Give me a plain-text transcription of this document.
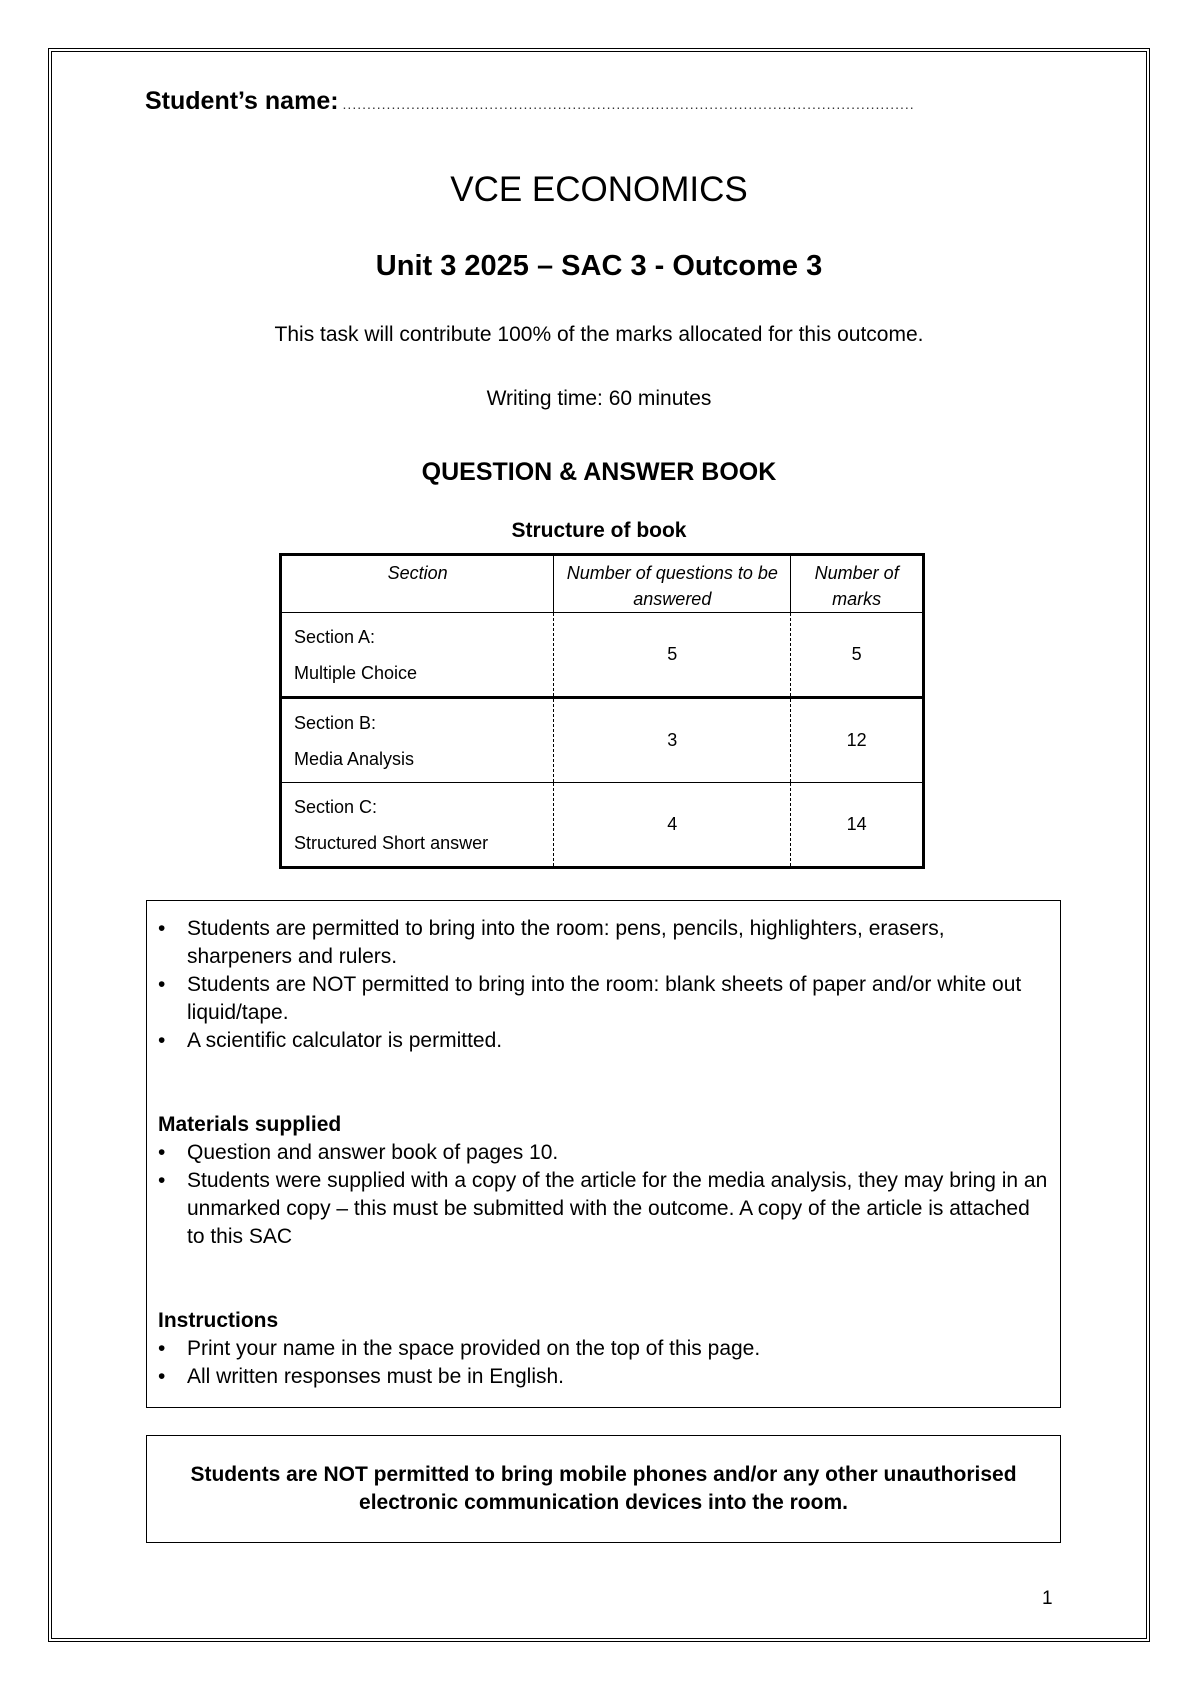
Student’s name: .....................................................................................................................
VCE ECONOMICS
Unit 3 2025 – SAC 3 - Outcome 3
This task will contribute 100% of the marks allocated for this outcome.
Writing time: 60 minutes
QUESTION & ANSWER BOOK
Structure of book
Section	Number of questions to be answered	Number of marks

Section A:
Multiple Choice	5	5

Section B:
Media Analysis	3	12

Section C:
Structured Short answer	4	14
• Students are permitted to bring into the room: pens, pencils, highlighters, erasers, sharpeners and rulers.
• Students are NOT permitted to bring into the room: blank sheets of paper and/or white out liquid/tape.
• A scientific calculator is permitted.
Materials supplied
• Question and answer book of pages 10.
• Students were supplied with a copy of the article for the media analysis, they may bring in an unmarked copy – this must be submitted with the outcome. A copy of the article is attached to this SAC
Instructions
• Print your name in the space provided on the top of this page.
• All written responses must be in English.
Students are NOT permitted to bring mobile phones and/or any other unauthorised electronic communication devices into the room.
1
